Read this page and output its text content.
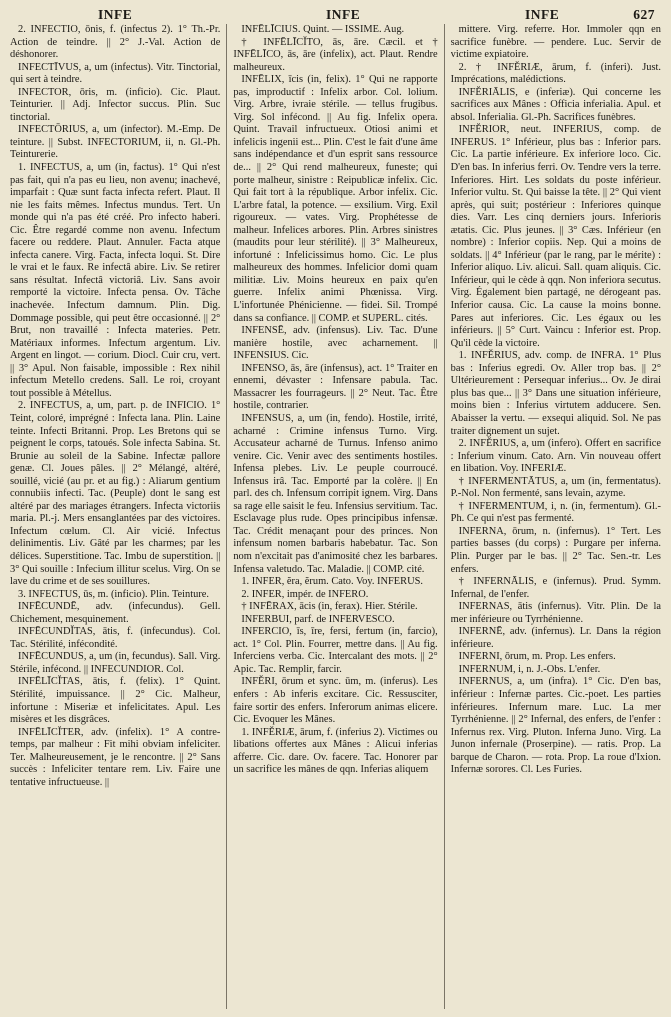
INFE	INFE	INFE	627

2. INFECTIO, ōnis, f. (infectus 2). 1° Th.-Pr. Action de teindre. || 2° J.-Val. Action de déshonorer.

INFECTĪVUS, a, um (infectus). Vitr. Tinctorial, qui sert à teindre.

INFECTOR, ōris, m. (inficio). Cic. Plaut. Teinturier. || Adj. Infector succus. Plin. Suc tinctorial.

INFECTŌRIUS, a, um (infector). M.-Emp. De teinture. || Subst. INFECTORIUM, ii, n. Gl.-Ph. Teinturerie.

1. INFECTUS, a, um (in, factus). 1° Qui n'est pas fait, qui n'a pas eu lieu, non avenu; inachevé, imparfait : Quæ sunt facta infecta refert. Plaut. Il nie les faits mêmes. Infectus mundus. Tert. Un monde qui n'a pas été créé. Pro infecto haberi. Cic. Être regardé comme non avenu. Infectum facere ou reddere. Plaut. Annuler. Facta atque infecta canere. Virg. Facta, infecta loqui. St. Dire le vrai et le faux. Re infectâ abire. Liv. Se retirer sans résultat. Infectâ victoriâ. Liv. Sans avoir remporté la victoire. Infecta pensa. Ov. Tâche inachevée. Infectum damnum. Plin. Dig. Dommage possible, qui peut être occasionné. || 2° Brut, non travaillé : Infecta materies. Petr. Matériaux informes. Infectum argentum. Liv. Argent en lingot. — corium. Diocl. Cuir cru, vert. || 3° Apul. Non faisable, impossible : Rex nihil infectum Metello credens. Sall. Le roi, croyant tout possible à Métellus.

2. INFECTUS, a, um, part. p. de INFICIO. 1° Teint, coloré, imprégné : Infecta lana. Plin. Laine teinte. Infecti Britanni. Prop. Les Bretons qui se peignent le corps, tatoués. Sole infecta Sabina. St. Brunie au soleil de la Sabine. Infectæ pallore genæ. Cl. Joues pâles. || 2° Mélangé, altéré, souillé, vicié (au pr. et au fig.) : Aliarum gentium connubiis infecti. Tac. (Peuple) dont le sang est altéré par des mariages étrangers. Infecta victoriis maria. Pl.-j. Mers ensanglantées par des victoires. Infectum cœlum. Cl. Air vicié. Infectus delinimentis. Liv. Gâté par les charmes; par les délices. Superstitione. Tac. Imbu de superstition. || 3° Qui souille : Infecium illitur scelus. Virg. On se lave du crime et de ses souillures.

3. INFECTUS, ūs, m. (inficio). Plin. Teinture.

INFĒCUNDĒ, adv. (infecundus). Gell. Chichement, mesquinement.

INFĒCUNDĬTAS, ātis, f. (infecundus). Col. Tac. Stérilité, infécondité.

INFĒCUNDUS, a, um (in, fecundus). Sall. Virg. Stérile, infécond. || INFECUNDIOR. Col.

INFĒLĪCĬTAS, ātis, f. (felix). 1° Quint. Stérilité, impuissance. || 2° Cic. Malheur, infortune : Miseriæ et infelicitates. Apul. Les misères et les disgrâces.

INFĒLĪCĬTER, adv. (infelix). 1° A contre-temps, par malheur : Fit mihi obviam infeliciter. Ter. Malheureusement, je le rencontre. || 2° Sans succès : Infeliciter tentare rem. Liv. Faire une tentative infructueuse. ||

INFĒLĪCIUS. Quint. — ISSIME. Aug.

† INFĒLĪCĬTO, ās, āre. Cæcil. et † INFĒLĪCO, ās, āre (infelix), act. Plaut. Rendre malheureux.

INFĒLIX, īcis (in, felix). 1° Qui ne rapporte pas, improductif : Infelix arbor. Col. lolium. Virg. Arbre, ivraie stérile. — tellus frugibus. Virg. Sol infécond. || Au fig. Infelix opera. Quint. Travail infructueux. Otiosi animi et infelicis ingenii est... Plin. C'est le fait d'une âme sans indépendance et d'un esprit sans ressource de... || 2° Qui rend malheureux, funeste; qui porte malheur, sinistre : Reipublicæ infelix. Cic. Qui fait tort à la république. Arbor infelix. Cic. L'arbre fatal, la potence. — exsilium. Virg. Exil rigoureux. — vates. Virg. Prophétesse de malheur. Infelices arbores. Plin. Arbres sinistres (maudits pour leur stérilité). || 3° Malheureux, infortuné : Infelicissimus homo. Cic. Le plus malheureux des hommes. Infelicior domi quam militiæ. Liv. Moins heureux en paix qu'en guerre. Infelix animi Phœnissa. Virg. L'infortunée Phénicienne. — fidei. Sil. Trompé dans sa confiance. || COMP. et SUPERL. cités.

INFENSĒ, adv. (infensus). Liv. Tac. D'une manière hostile, avec acharnement. || INFENSIUS. Cic.

INFENSO, ās, āre (infensus), act. 1° Traiter en ennemi, dévaster : Infensare pabula. Tac. Massacrer les fourrageurs. || 2° Neut. Tac. Être hostile, contrarier.

INFENSUS, a, um (in, fendo). Hostile, irrité, acharné : Crimine infensus Turno. Virg. Accusateur acharné de Turnus. Infenso animo venire. Cic. Venir avec des sentiments hostiles. Infensa plebes. Liv. Le peuple courroucé. Infensus irâ. Tac. Emporté par la colère. || En parl. des ch. Infensum corripit ignem. Virg. Dans sa rage elle saisit le feu. Infensius servitium. Tac. Esclavage plus rude. Opes principibus infensæ. Tac. Crédit menaçant pour des princes. Non infensum nomen barbaris habebatur. Tac. Son nom n'excitait pas d'animosité chez les barbares. Infensa valetudo. Tac. Maladie. || COMP. cité.

1. INFER, ĕra, ĕrum. Cato. Voy. INFERUS.

2. INFER, impér. de INFERO.

† INFĒRAX, ācis (in, ferax). Hier. Stérile.

INFERBUI, parf. de INFERVESCO.

INFERCIO, īs, īre, fersi, fertum (in, farcio), act. 1° Col. Plin. Fourrer, mettre dans. || Au fig. Inferciens verba. Cic. Intercalant des mots. || 2° Apic. Tac. Remplir, farcir.

INFĔRI, ōrum et sync. ūm, m. (inferus). Les enfers : Ab inferis excitare. Cic. Ressusciter, faire sortir des enfers. Inferorum animas elicere. Cic. Evoquer les Mânes.

1. INFĔRIÆ, ārum, f. (inferius 2). Victimes ou libations offertes aux Mânes : Alicui inferias afferre. Cic. dare. Ov. facere. Tac. Honorer par un sacrifice les mânes de qqn. Inferias aliquem

mittere. Virg. referre. Hor. Immoler qqn en sacrifice funèbre. — pendere. Luc. Servir de victime expiatoire.

2. † INFĔRIÆ, ārum, f. (inferi). Just. Imprécations, malédictions.

INFĔRIĀLIS, e (inferiæ). Qui concerne les sacrifices aux Mânes : Officia inferialia. Apul. et absol. Inferialia. Gl.-Ph. Sacrifices funèbres.

INFĔRIOR, neut. INFERIUS, comp. de INFERUS. 1° Inférieur, plus bas : Inferior pars. Cic. La partie inférieure. Ex inferiore loco. Cic. D'en bas. In inferius ferri. Ov. Tendre vers la terre. Inferiores. Hirt. Les soldats du poste inférieur. Inferior vultu. St. Qui baisse la tête. || 2° Qui vient après, qui suit; postérieur : Inferiores quinque dies. Varr. Les cinq derniers jours. Inferioris ætatis. Cic. Plus jeunes. || 3° Cæs. Inférieur (en nombre) : Inferior copiis. Nep. Qui a moins de soldats. || 4° Inférieur (par le rang, par le mérite) : Inferior aliquo. Liv. alicui. Sall. quam aliquis. Cic. Inférieur, qui le cède à qqn. Non inferiora secutus. Virg. Également bien partagé, ne dérogeant pas. Inferior causa. Cic. La cause la moins bonne. Pares aut inferiores. Cic. Les égaux ou les inférieurs. || 5° Curt. Vaincu : Inferior est. Prop. Qu'il cède la victoire.

1. INFĔRIUS, adv. comp. de INFRA. 1° Plus bas : Inferius egredi. Ov. Aller trop bas. || 2° Ultérieurement : Persequar inferius... Ov. Je dirai plus bas que... || 3° Dans une situation inférieure, moins bien : Inferius virtutem adducere. Sen. Abaisser la vertu. — exsequi aliquid. Sol. Ne pas traiter dignement un sujet.

2. INFĔRIUS, a, um (infero). Offert en sacrifice : Inferium vinum. Cato. Arn. Vin nouveau offert en libation. Voy. INFERIÆ.

† INFERMENTĀTUS, a, um (in, fermentatus). P.-Nol. Non fermenté, sans levain, azyme.

† INFERMENTUM, i, n. (in, fermentum). Gl.-Ph. Ce qui n'est pas fermenté.

INFERNA, ōrum, n. (infernus). 1° Tert. Les parties basses (du corps) : Purgare per inferna. Plin. Purger par le bas. || 2° Tac. Sen.-tr. Les enfers.

† INFERNĀLIS, e (infernus). Prud. Symm. Infernal, de l'enfer.

INFERNAS, ātis (infernus). Vitr. Plin. De la mer inférieure ou Tyrrhénienne.

INFERNĒ, adv. (infernus). Lr. Dans la région inférieure.

INFERNI, ōrum, m. Prop. Les enfers.

INFERNUM, i, n. J.-Obs. L'enfer.

INFERNUS, a, um (infra). 1° Cic. D'en bas, inférieur : Infernæ partes. Cic.-poet. Les parties inférieures. Infernum mare. Luc. La mer Tyrrhénienne. || 2° Infernal, des enfers, de l'enfer : Infernus rex. Virg. Pluton. Inferna Juno. Virg. La Junon infernale (Proserpine). — ratis. Prop. La barque de Charon. — rota. Prop. La roue d'Ixion. Infernæ sorores. Cl. Les Furies.
